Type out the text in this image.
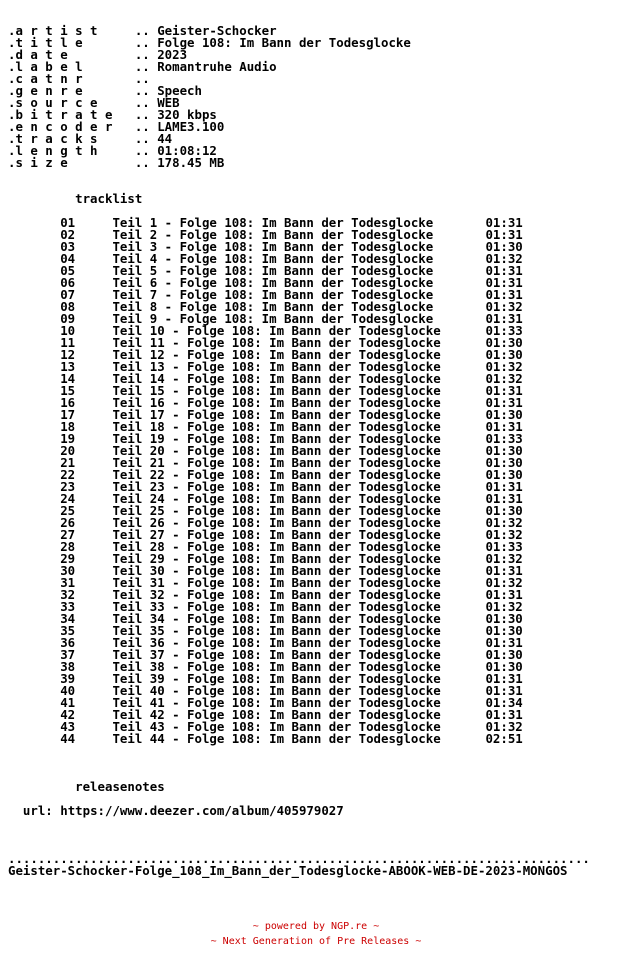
.a r t i s t     .. Geister-Schocker
.t i t l e       .. Folge 108: Im Bann der Todesglocke
.d a t e         .. 2023
.l a b e l       .. Romantruhe Audio
.c a t n r       ..
.g e n r e       .. Speech
.s o u r c e     .. WEB
.b i t r a t e   .. 320 kbps
.e n c o d e r   .. LAME3.100
.t r a c k s     .. 44
.l e n g t h     .. 01:08:12
.s i z e         .. 178.45 MB

tracklist

01	Teil 1 - Folge 108: Im Bann der Todesglocke	01:31
02	Teil 2 - Folge 108: Im Bann der Todesglocke	01:31
03	Teil 3 - Folge 108: Im Bann der Todesglocke	01:30
04	Teil 4 - Folge 108: Im Bann der Todesglocke	01:32
05	Teil 5 - Folge 108: Im Bann der Todesglocke	01:31
06	Teil 6 - Folge 108: Im Bann der Todesglocke	01:31
07	Teil 7 - Folge 108: Im Bann der Todesglocke	01:31
08	Teil 8 - Folge 108: Im Bann der Todesglocke	01:32
09	Teil 9 - Folge 108: Im Bann der Todesglocke	01:31
10	Teil 10 - Folge 108: Im Bann der Todesglocke	01:33
11	Teil 11 - Folge 108: Im Bann der Todesglocke	01:30
12	Teil 12 - Folge 108: Im Bann der Todesglocke	01:30
13	Teil 13 - Folge 108: Im Bann der Todesglocke	01:32
14	Teil 14 - Folge 108: Im Bann der Todesglocke	01:32
15	Teil 15 - Folge 108: Im Bann der Todesglocke	01:31
16	Teil 16 - Folge 108: Im Bann der Todesglocke	01:31
17	Teil 17 - Folge 108: Im Bann der Todesglocke	01:30
18	Teil 18 - Folge 108: Im Bann der Todesglocke	01:31
19	Teil 19 - Folge 108: Im Bann der Todesglocke	01:33
20	Teil 20 - Folge 108: Im Bann der Todesglocke	01:30
21	Teil 21 - Folge 108: Im Bann der Todesglocke	01:30
22	Teil 22 - Folge 108: Im Bann der Todesglocke	01:30
23	Teil 23 - Folge 108: Im Bann der Todesglocke	01:31
24	Teil 24 - Folge 108: Im Bann der Todesglocke	01:31
25	Teil 25 - Folge 108: Im Bann der Todesglocke	01:30
26	Teil 26 - Folge 108: Im Bann der Todesglocke	01:32
27	Teil 27 - Folge 108: Im Bann der Todesglocke	01:32
28	Teil 28 - Folge 108: Im Bann der Todesglocke	01:33
29	Teil 29 - Folge 108: Im Bann der Todesglocke	01:32
30	Teil 30 - Folge 108: Im Bann der Todesglocke	01:31
31	Teil 31 - Folge 108: Im Bann der Todesglocke	01:32
32	Teil 32 - Folge 108: Im Bann der Todesglocke	01:31
33	Teil 33 - Folge 108: Im Bann der Todesglocke	01:32
34	Teil 34 - Folge 108: Im Bann der Todesglocke	01:30
35	Teil 35 - Folge 108: Im Bann der Todesglocke	01:30
36	Teil 36 - Folge 108: Im Bann der Todesglocke	01:31
37	Teil 37 - Folge 108: Im Bann der Todesglocke	01:30
38	Teil 38 - Folge 108: Im Bann der Todesglocke	01:30
39	Teil 39 - Folge 108: Im Bann der Todesglocke	01:31
40	Teil 40 - Folge 108: Im Bann der Todesglocke	01:31
41	Teil 41 - Folge 108: Im Bann der Todesglocke	01:34
42	Teil 42 - Folge 108: Im Bann der Todesglocke	01:31
43	Teil 43 - Folge 108: Im Bann der Todesglocke	01:32
44	Teil 44 - Folge 108: Im Bann der Todesglocke	02:51

releasenotes

url: https://www.deezer.com/album/405979027

..............................................................................
Geister-Schocker-Folge_108_Im_Bann_der_Todesglocke-ABOOK-WEB-DE-2023-MONGOS
~ powered by NGP.re ~
~ Next Generation of Pre Releases ~
